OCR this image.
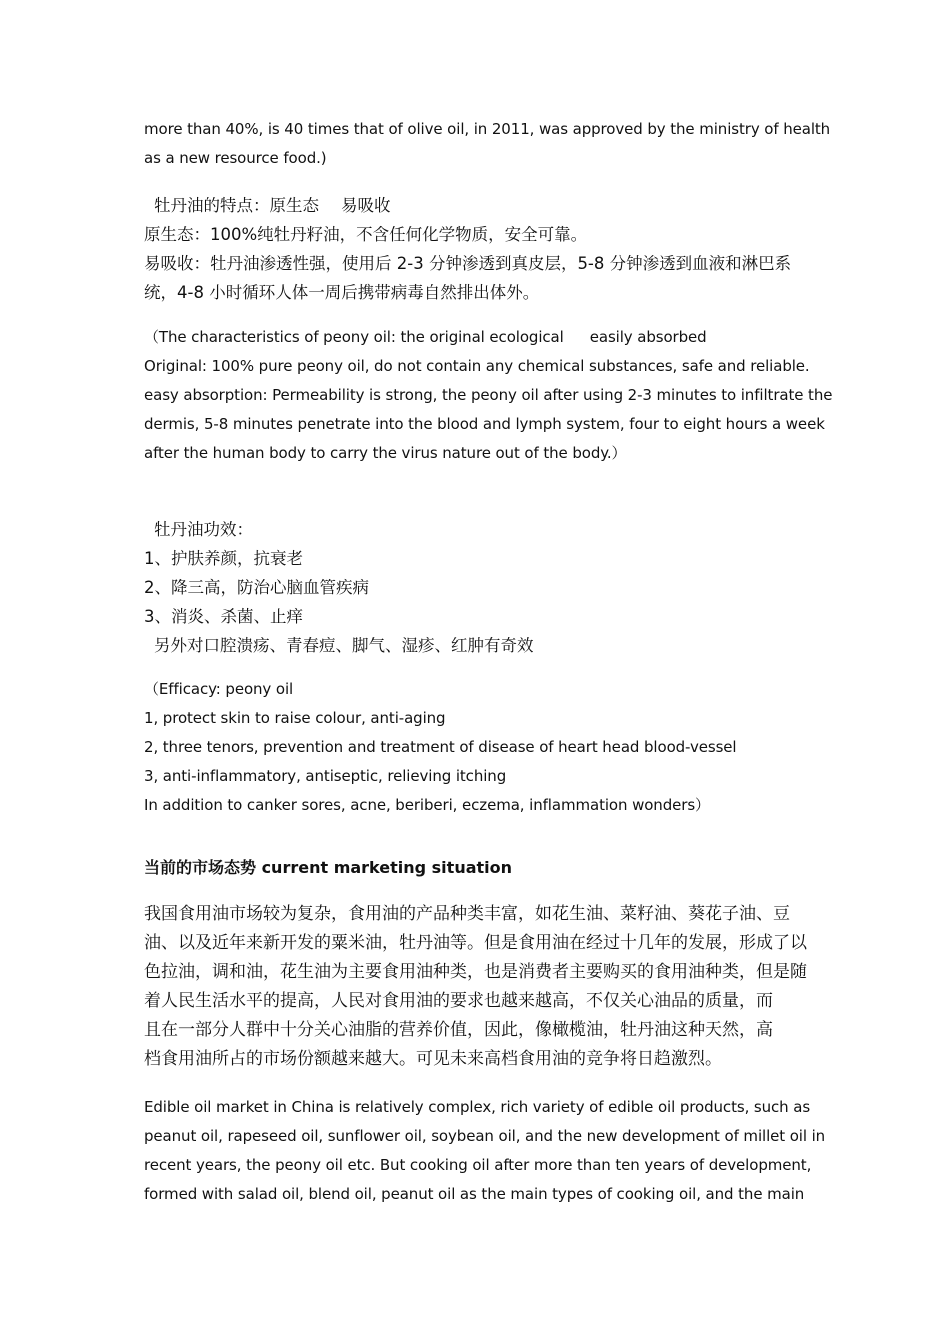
more than 40%, is 40 times that of olive oil, in 2011, was approved by the ministry of health
as a new resource food.)
牡丹油的特点：原生态 易吸收
原生态：100%纯牡丹籽油，不含任何化学物质，安全可靠。
易吸收：牡丹油渗透性强，使用后 2-3 分钟渗透到真皮层，5-8 分钟渗透到血液和淋巴系
统，4-8 小时循环人体一周后携带病毒自然排出体外。
（The characteristics of peony oil: the original ecological easily absorbed
Original: 100% pure peony oil, do not contain any chemical substances, safe and reliable.
easy absorption: Permeability is strong, the peony oil after using 2-3 minutes to infiltrate the
dermis, 5-8 minutes penetrate into the blood and lymph system, four to eight hours a week
after the human body to carry the virus nature out of the body.）
牡丹油功效：
1、护肤养颜，抗衰老
2、降三高，防治心脑血管疾病
3、消炎、杀菌、止痒
另外对口腔溃疡、青春痘、脚气、湿疹、红肿有奇效
（Efficacy: peony oil
1, protect skin to raise colour, anti-aging
2, three tenors, prevention and treatment of disease of heart head blood-vessel
3, anti-inflammatory, antiseptic, relieving itching
In addition to canker sores, acne, beriberi, eczema, inflammation wonders）
当前的市场态势 current marketing situation
我国食用油市场较为复杂，食用油的产品种类丰富，如花生油、菜籽油、葵花子油、豆
油、以及近年来新开发的粟米油，牡丹油等。但是食用油在经过十几年的发展，形成了以
色拉油，调和油，花生油为主要食用油种类，也是消费者主要购买的食用油种类，但是随
着人民生活水平的提高，人民对食用油的要求也越来越高，不仅关心油品的质量，而
且在一部分人群中十分关心油脂的营养价值，因此，像橄榄油，牡丹油这种天然，高
档食用油所占的市场份额越来越大。可见未来高档食用油的竞争将日趋激烈。
Edible oil market in China is relatively complex, rich variety of edible oil products, such as
peanut oil, rapeseed oil, sunflower oil, soybean oil, and the new development of millet oil in
recent years, the peony oil etc. But cooking oil after more than ten years of development,
formed with salad oil, blend oil, peanut oil as the main types of cooking oil, and the main
